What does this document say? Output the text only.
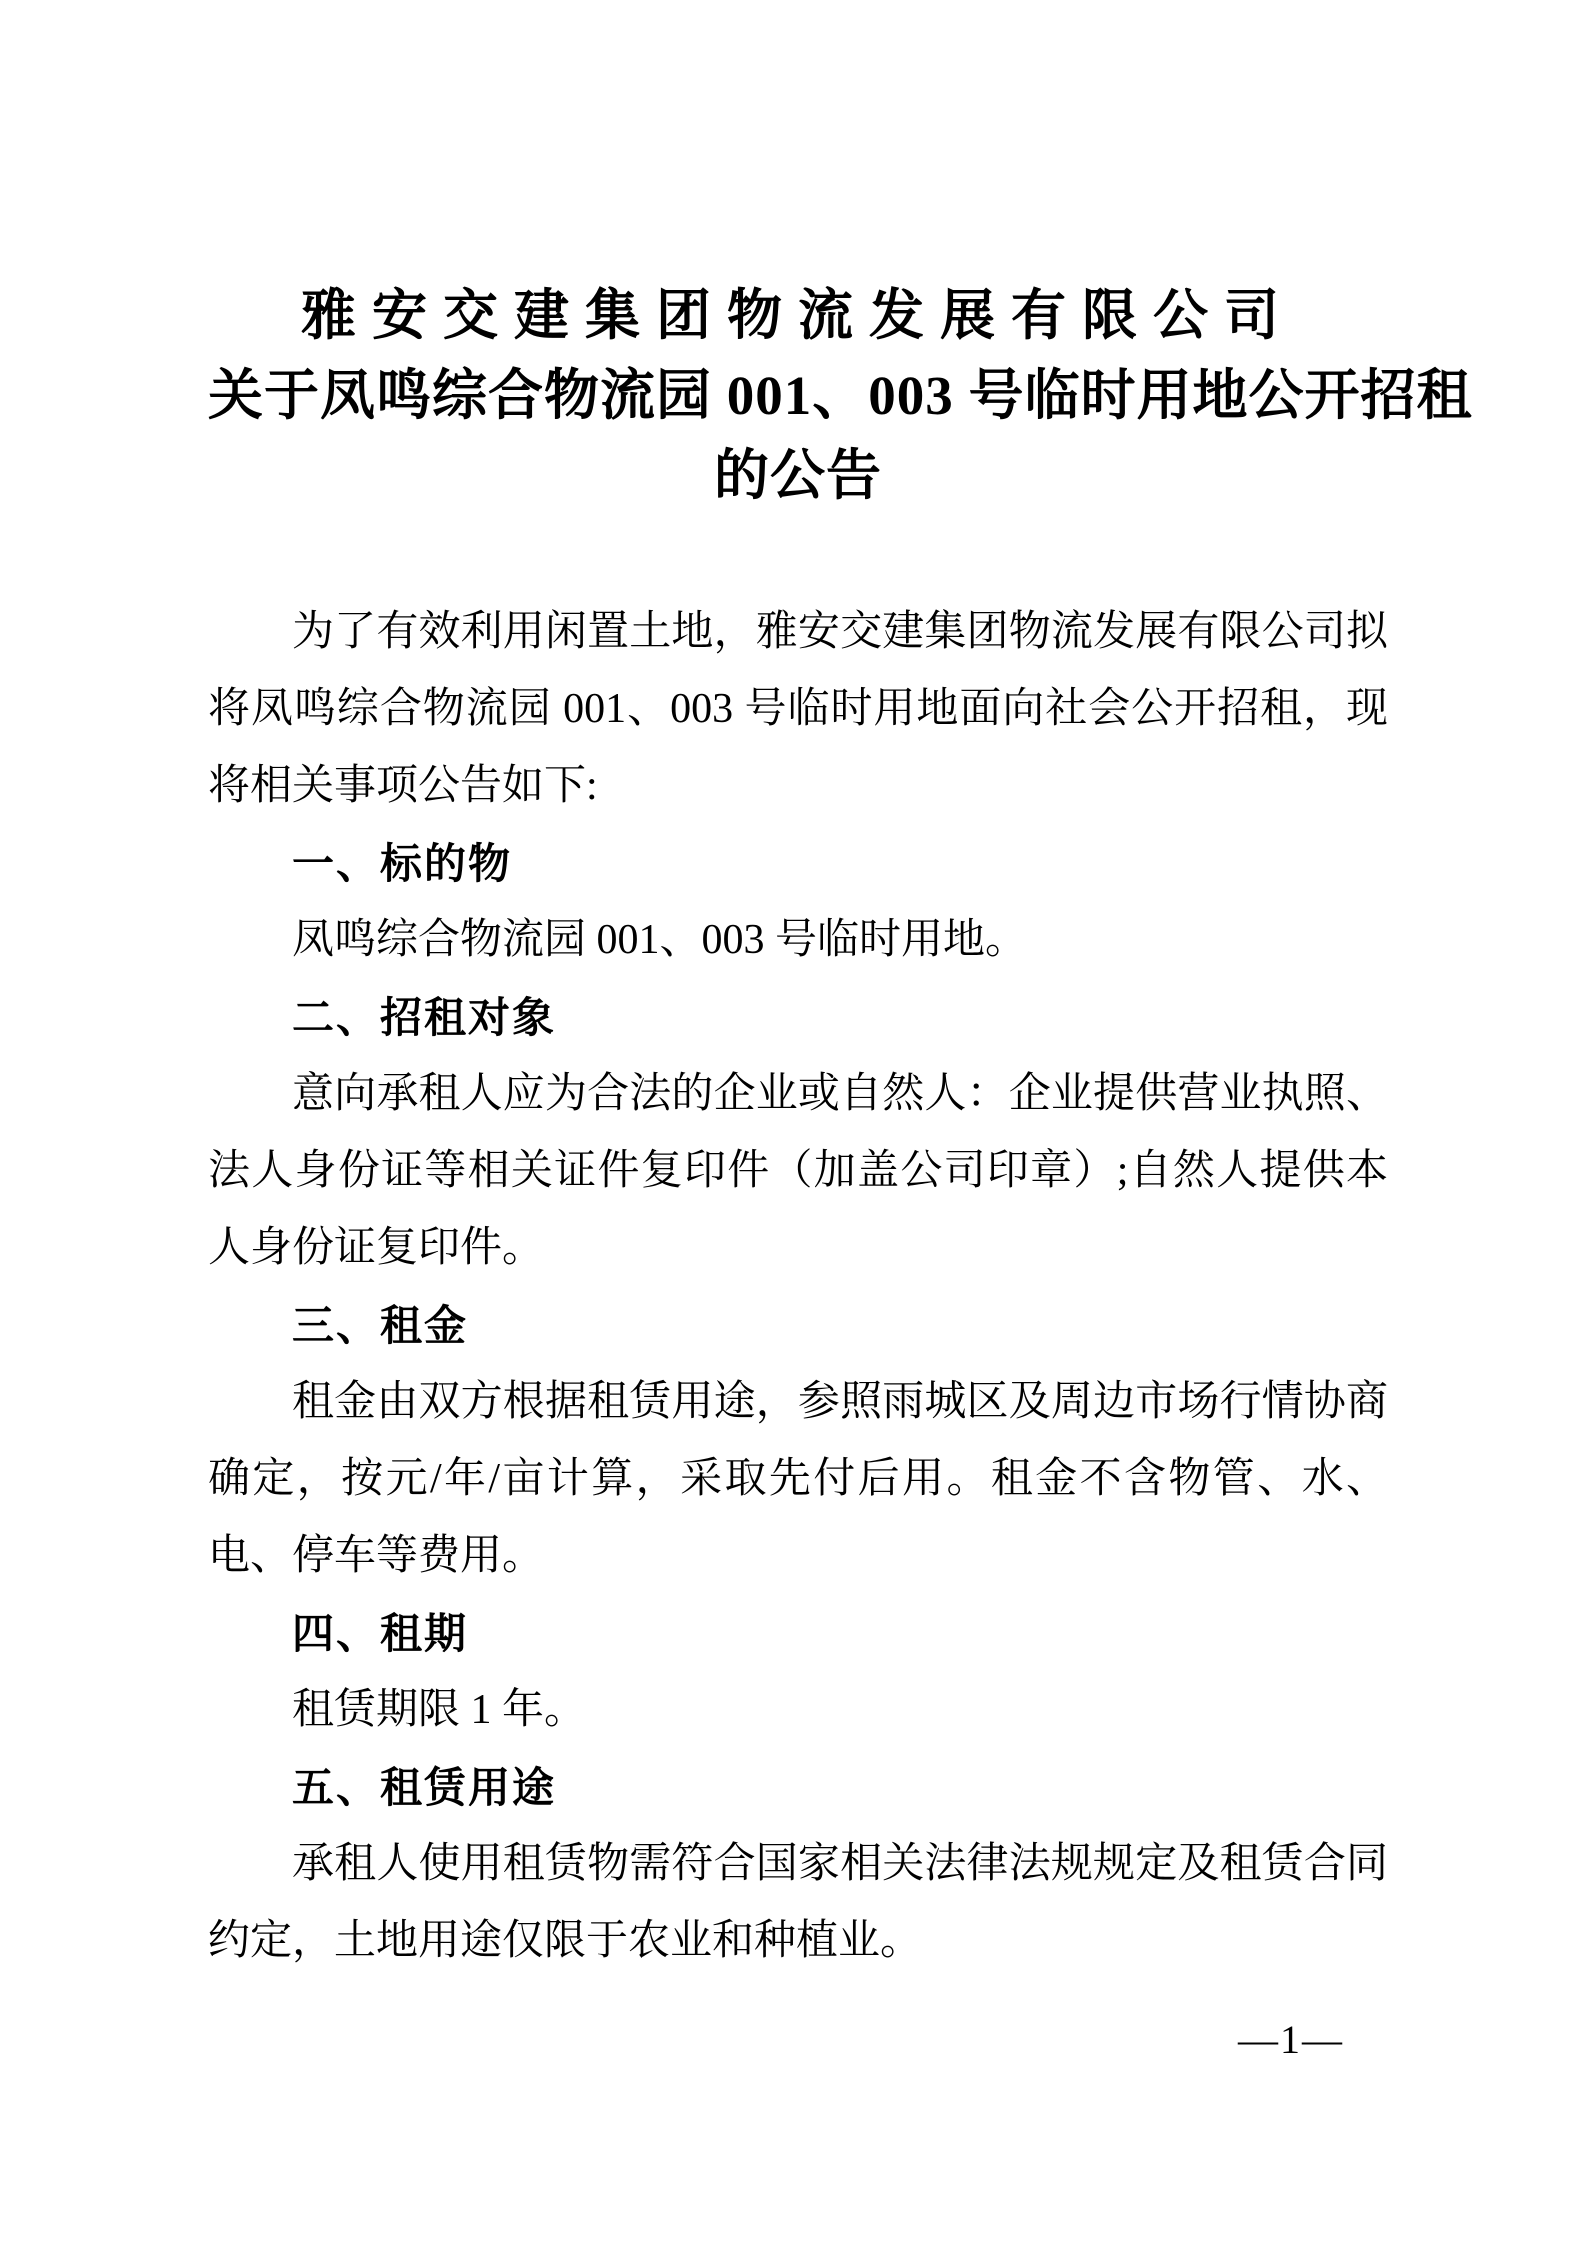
雅安交建集团物流发展有限公司
关于凤鸣综合物流园 001、003 号临时用地公开招租
的公告

为了有效利用闲置土地，雅安交建集团物流发展有限公司拟将凤鸣综合物流园 001、003 号临时用地面向社会公开招租，现将相关事项公告如下:

一、标的物

凤鸣综合物流园 001、003 号临时用地。

二、招租对象

意向承租人应为合法的企业或自然人：企业提供营业执照、法人身份证等相关证件复印件（加盖公司印章）;自然人提供本人身份证复印件。

三、租金

租金由双方根据租赁用途，参照雨城区及周边市场行情协商确定，按元/年/亩计算，采取先付后用。租金不含物管、水、电、停车等费用。

四、租期

租赁期限 1 年。

五、租赁用途

承租人使用租赁物需符合国家相关法律法规规定及租赁合同约定，土地用途仅限于农业和种植业。

—1—
